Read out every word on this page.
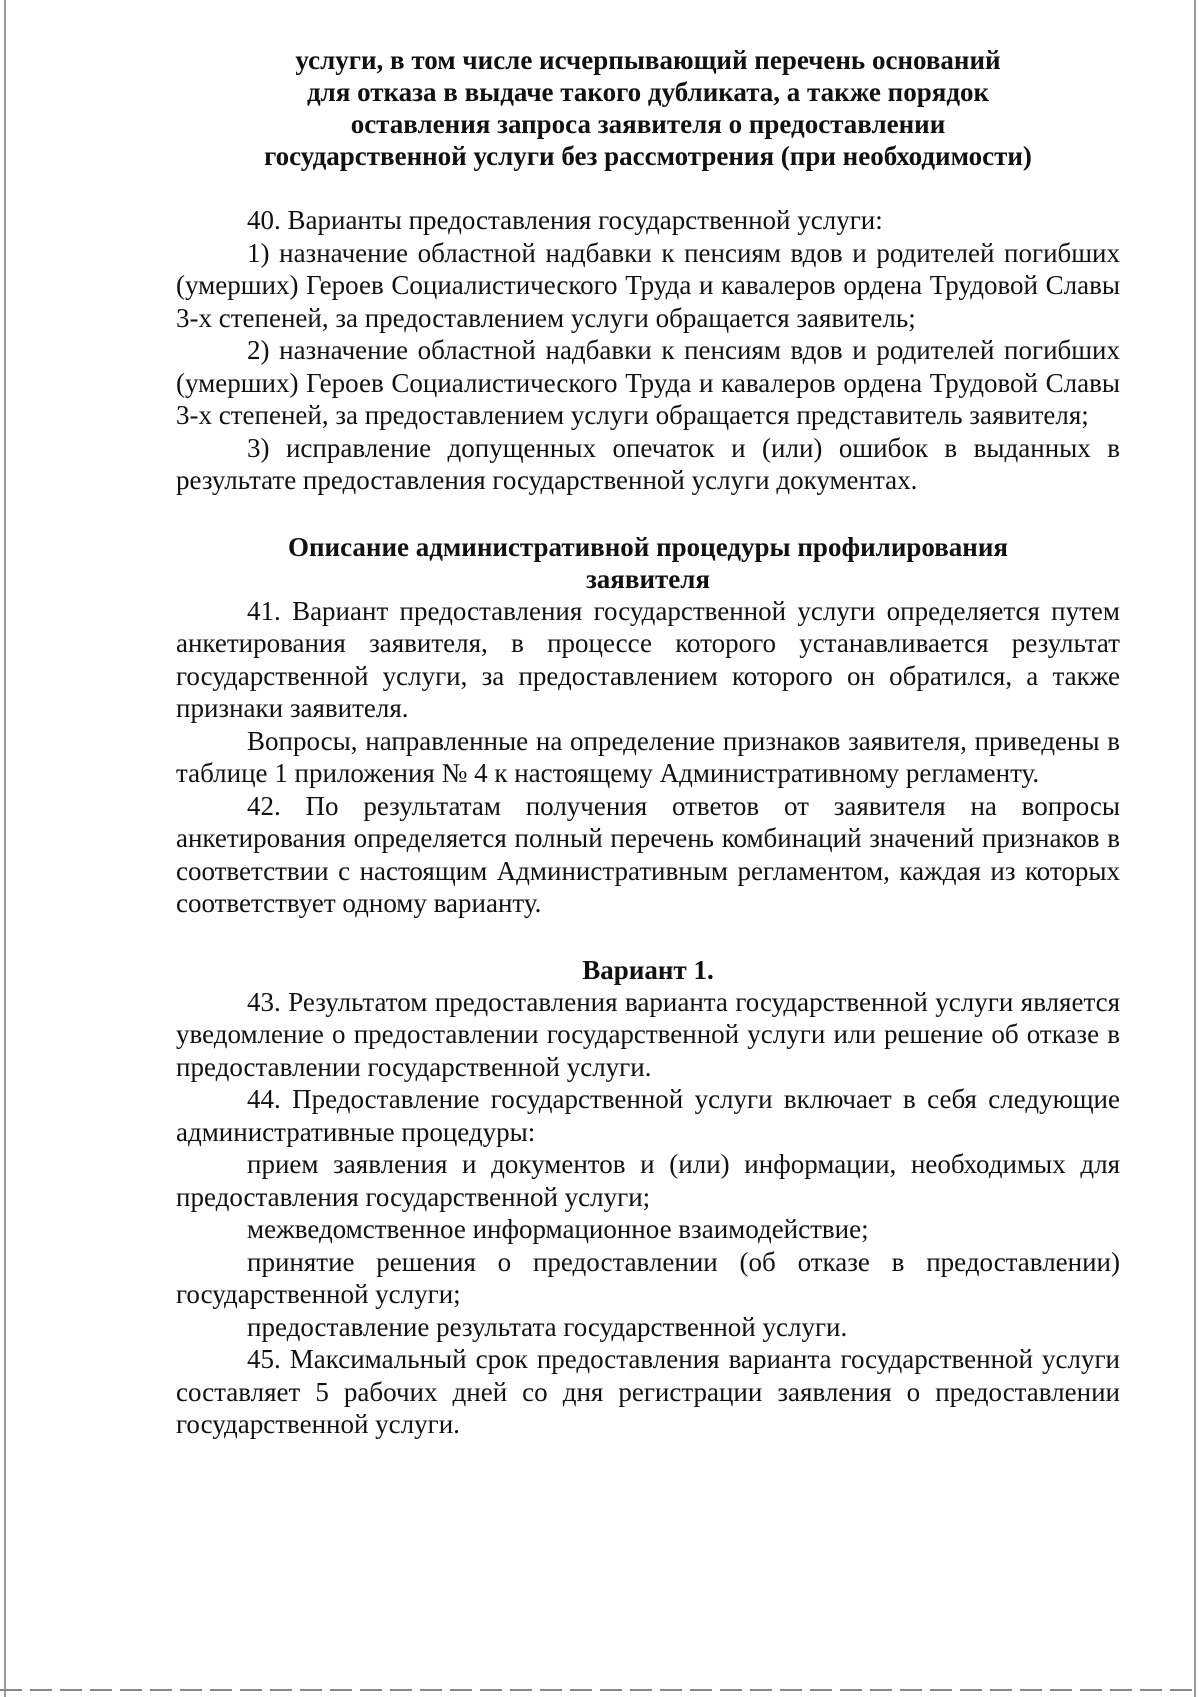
услуги, в том числе исчерпывающий перечень оснований
для отказа в выдаче такого дубликата, а также порядок
оставления запроса заявителя о предоставлении
государственной услуги без рассмотрения (при необходимости)

40. Варианты предоставления государственной услуги:

1) назначение областной надбавки к пенсиям вдов и родителей погибших (умерших) Героев Социалистического Труда и кавалеров ордена Трудовой Славы 3-х степеней, за предоставлением услуги обращается заявитель;

2) назначение областной надбавки к пенсиям вдов и родителей погибших (умерших) Героев Социалистического Труда и кавалеров ордена Трудовой Славы 3-х степеней, за предоставлением услуги обращается представитель заявителя;

3) исправление допущенных опечаток и (или) ошибок в выданных в результате предоставления государственной услуги документах.

Описание административной процедуры профилирования
заявителя

41. Вариант предоставления государственной услуги определяется путем анкетирования заявителя, в процессе которого устанавливается результат государственной услуги, за предоставлением которого он обратился, а также признаки заявителя.

Вопросы, направленные на определение признаков заявителя, приведены в таблице 1 приложения № 4 к настоящему Административному регламенту.

42. По результатам получения ответов от заявителя на вопросы анкетирования определяется полный перечень комбинаций значений признаков в соответствии с настоящим Административным регламентом, каждая из которых соответствует одному варианту.

Вариант 1.

43. Результатом предоставления варианта государственной услуги является уведомление о предоставлении государственной услуги или решение об отказе в предоставлении государственной услуги.

44. Предоставление государственной услуги включает в себя следующие административные процедуры:

прием заявления и документов и (или) информации, необходимых для предоставления государственной услуги;

межведомственное информационное взаимодействие;

принятие решения о предоставлении (об отказе в предоставлении) государственной услуги;

предоставление результата государственной услуги.

45. Максимальный срок предоставления варианта государственной услуги составляет 5 рабочих дней со дня регистрации заявления о предоставлении государственной услуги.
